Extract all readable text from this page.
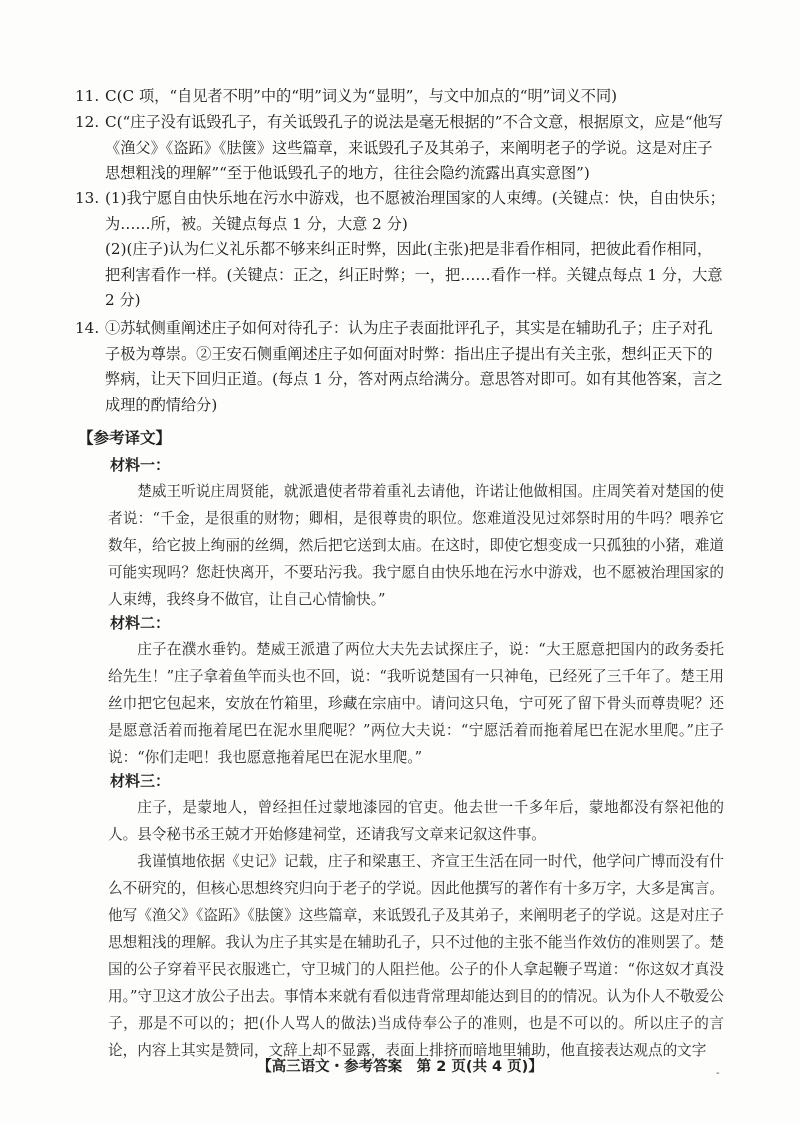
11. C(C 项，“自见者不明”中的“明”词义为“显明”，与文中加点的“明”词义不同)

12. C(“庄子没有诋毁孔子，有关诋毁孔子的说法是毫无根据的”不合文意，根据原文，应是“他写《渔父》《盗跖》《胠箧》这些篇章，来诋毁孔子及其弟子，来阐明老子的学说。这是对庄子思想粗浅的理解”“至于他诋毁孔子的地方，往往会隐约流露出真实意图”)

13. (1)我宁愿自由快乐地在污水中游戏，也不愿被治理国家的人束缚。(关键点：快，自由快乐；为……所，被。关键点每点 1 分，大意 2 分)

(2)(庄子)认为仁义礼乐都不够来纠正时弊，因此(主张)把是非看作相同，把彼此看作相同，把利害看作一样。(关键点：正之，纠正时弊；一，把……看作一样。关键点每点 1 分，大意 2 分)

14. ①苏轼侧重阐述庄子如何对待孔子：认为庄子表面批评孔子，其实是在辅助孔子；庄子对孔子极为尊崇。②王安石侧重阐述庄子如何面对时弊：指出庄子提出有关主张，想纠正天下的弊病，让天下回归正道。(每点 1 分，答对两点给满分。意思答对即可。如有其他答案，言之成理的酌情给分)

【参考译文】
材料一：

楚威王听说庄周贤能，就派遣使者带着重礼去请他，许诺让他做相国。庄周笑着对楚国的使者说：“千金，是很重的财物；卿相，是很尊贵的职位。您难道没见过郊祭时用的牛吗？喂养它数年，给它披上绚丽的丝绸，然后把它送到太庙。在这时，即使它想变成一只孤独的小猪，难道可能实现吗？您赶快离开，不要玷污我。我宁愿自由快乐地在污水中游戏，也不愿被治理国家的人束缚，我终身不做官，让自己心情愉快。”

材料二：

庄子在濮水垂钓。楚威王派遣了两位大夫先去试探庄子，说：“大王愿意把国内的政务委托给先生！”庄子拿着鱼竿而头也不回，说：“我听说楚国有一只神龟，已经死了三千年了。楚王用丝巾把它包起来，安放在竹箱里，珍藏在宗庙中。请问这只龟，宁可死了留下骨头而尊贵呢？还是愿意活着而拖着尾巴在泥水里爬呢？”两位大夫说：“宁愿活着而拖着尾巴在泥水里爬。”庄子说：“你们走吧！我也愿意拖着尾巴在泥水里爬。”

材料三：

庄子，是蒙地人，曾经担任过蒙地漆园的官吏。他去世一千多年后，蒙地都没有祭祀他的人。县令秘书丞王兢才开始修建祠堂，还请我写文章来记叙这件事。

我谨慎地依据《史记》记载，庄子和梁惠王、齐宣王生活在同一时代，他学问广博而没有什么不研究的，但核心思想终究归向于老子的学说。因此他撰写的著作有十多万字，大多是寓言。他写《渔父》《盗跖》《胠箧》这些篇章，来诋毁孔子及其弟子，来阐明老子的学说。这是对庄子思想粗浅的理解。我认为庄子其实是在辅助孔子，只不过他的主张不能当作效仿的准则罢了。楚国的公子穿着平民衣服逃亡，守卫城门的人阻拦他。公子的仆人拿起鞭子骂道：“你这奴才真没用。”守卫这才放公子出去。事情本来就有看似违背常理却能达到目的的情况。认为仆人不敬爱公子，那是不可以的；把(仆人骂人的做法)当成侍奉公子的准则，也是不可以的。所以庄子的言论，内容上其实是赞同，文辞上却不显露，表面上排挤而暗地里辅助，他直接表达观点的文字

【高三语文・参考答案　第 2 页(共 4 页)】	-
